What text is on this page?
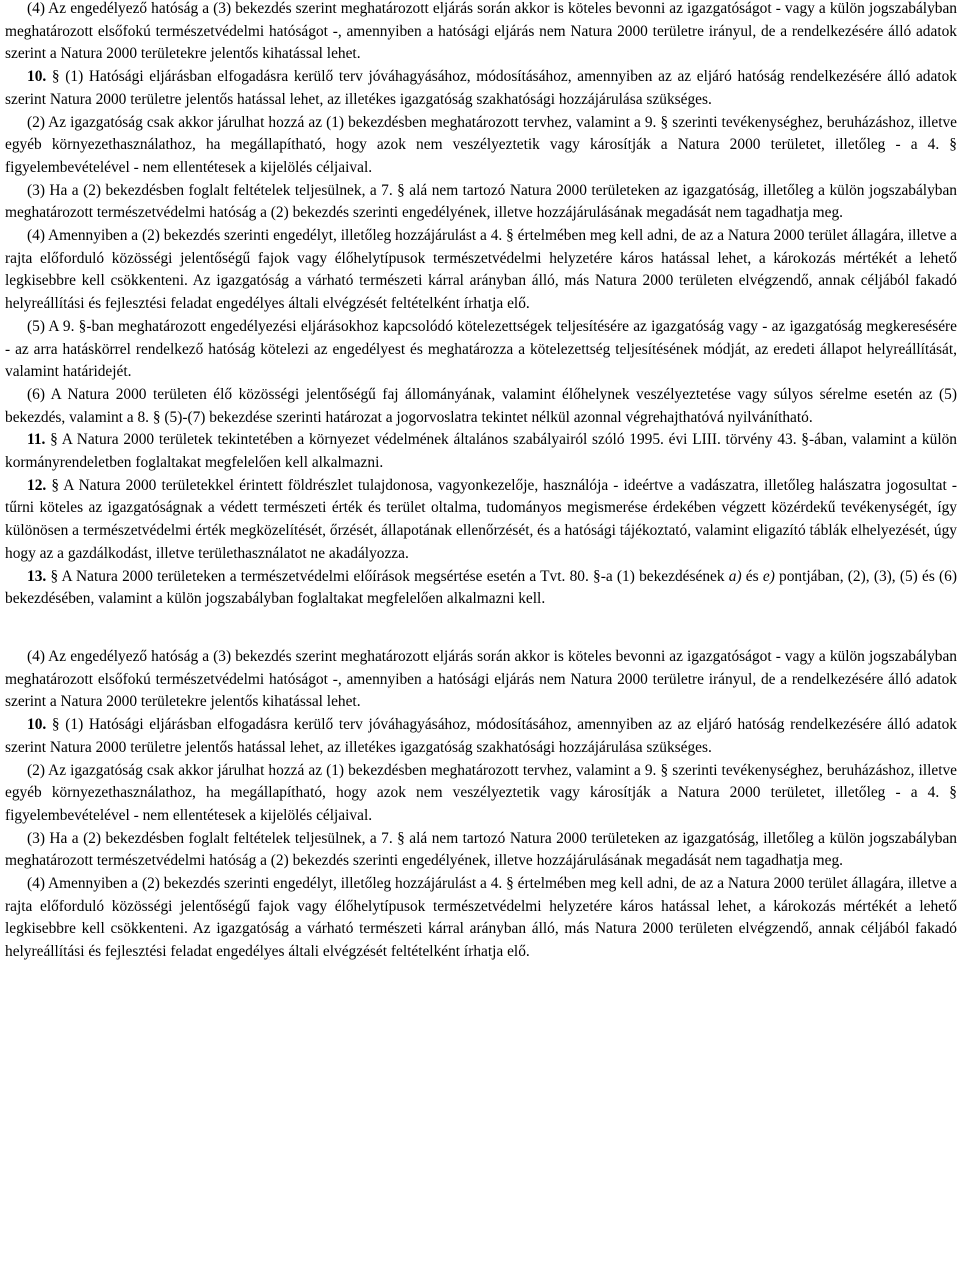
(4) Az engedélyező hatóság a (3) bekezdés szerint meghatározott eljárás során akkor is köteles bevonni az igazgatóságot - vagy a külön jogszabályban meghatározott elsőfokú természetvédelmi hatóságot -, amennyiben a hatósági eljárás nem Natura 2000 területre irányul, de a rendelkezésére álló adatok szerint a Natura 2000 területekre jelentős kihatással lehet.

10. § (1) Hatósági eljárásban elfogadásra kerülő terv jóváhagyásához, módosításához, amennyiben az az eljáró hatóság rendelkezésére álló adatok szerint Natura 2000 területre jelentős hatással lehet, az illetékes igazgatóság szakhatósági hozzájárulása szükséges.

(2) Az igazgatóság csak akkor járulhat hozzá az (1) bekezdésben meghatározott tervhez, valamint a 9. § szerinti tevékenységhez, beruházáshoz, illetve egyéb környezethasználathoz, ha megállapítható, hogy azok nem veszélyeztetik vagy károsítják a Natura 2000 területet, illetőleg - a 4. § figyelembevételével - nem ellentétesek a kijelölés céljaival.

(3) Ha a (2) bekezdésben foglalt feltételek teljesülnek, a 7. § alá nem tartozó Natura 2000 területeken az igazgatóság, illetőleg a külön jogszabályban meghatározott természetvédelmi hatóság a (2) bekezdés szerinti engedélyének, illetve hozzájárulásának megadását nem tagadhatja meg.

(4) Amennyiben a (2) bekezdés szerinti engedélyt, illetőleg hozzájárulást a 4. § értelmében meg kell adni, de az a Natura 2000 terület állagára, illetve a rajta előforduló közösségi jelentőségű fajok vagy élőhelytípusok természetvédelmi helyzetére káros hatással lehet, a károkozás mértékét a lehető legkisebbre kell csökkenteni. Az igazgatóság a várható természeti kárral arányban álló, más Natura 2000 területen elvégzendő, annak céljából fakadó helyreállítási és fejlesztési feladat engedélyes általi elvégzését feltételként írhatja elő.

(5) A 9. §-ban meghatározott engedélyezési eljárásokhoz kapcsolódó kötelezettségek teljesítésére az igazgatóság vagy - az igazgatóság megkeresésére - az arra hatáskörrel rendelkező hatóság kötelezi az engedélyest és meghatározza a kötelezettség teljesítésének módját, az eredeti állapot helyreállítását, valamint határidejét.

(6) A Natura 2000 területen élő közösségi jelentőségű faj állományának, valamint élőhelynek veszélyeztetése vagy súlyos sérelme esetén az (5) bekezdés, valamint a 8. § (5)-(7) bekezdése szerinti határozat a jogorvoslatra tekintet nélkül azonnal végrehajthatóvá nyilvánítható.

11. § A Natura 2000 területek tekintetében a környezet védelmének általános szabályairól szóló 1995. évi LIII. törvény 43. §-ában, valamint a külön kormányrendeletben foglaltakat megfelelően kell alkalmazni.

12. § A Natura 2000 területekkel érintett földrészlet tulajdonosa, vagyonkezelője, használója - ideértve a vadászatra, illetőleg halászatra jogosultat - tűrni köteles az igazgatóságnak a védett természeti érték és terület oltalma, tudományos megismerése érdekében végzett közérdekű tevékenységét, így különösen a természetvédelmi érték megközelítését, őrzését, állapotának ellenőrzését, és a hatósági tájékoztató, valamint eligazító táblák elhelyezését, úgy hogy az a gazdálkodást, illetve területhasználatot ne akadályozza.

13. § A Natura 2000 területeken a természetvédelmi előírások megsértése esetén a Tvt. 80. §-a (1) bekezdésének a) és e) pontjában, (2), (3), (5) és (6) bekezdésében, valamint a külön jogszabályban foglaltakat megfelelően alkalmazni kell.

(4) Az engedélyező hatóság a (3) bekezdés szerint meghatározott eljárás során akkor is köteles bevonni az igazgatóságot - vagy a külön jogszabályban meghatározott elsőfokú természetvédelmi hatóságot -, amennyiben a hatósági eljárás nem Natura 2000 területre irányul, de a rendelkezésére álló adatok szerint a Natura 2000 területekre jelentős kihatással lehet.

10. § (1) Hatósági eljárásban elfogadásra kerülő terv jóváhagyásához, módosításához, amennyiben az az eljáró hatóság rendelkezésére álló adatok szerint Natura 2000 területre jelentős hatással lehet, az illetékes igazgatóság szakhatósági hozzájárulása szükséges.

(2) Az igazgatóság csak akkor járulhat hozzá az (1) bekezdésben meghatározott tervhez, valamint a 9. § szerinti tevékenységhez, beruházáshoz, illetve egyéb környezethasználathoz, ha megállapítható, hogy azok nem veszélyeztetik vagy károsítják a Natura 2000 területet, illetőleg - a 4. § figyelembevételével - nem ellentétesek a kijelölés céljaival.

(3) Ha a (2) bekezdésben foglalt feltételek teljesülnek, a 7. § alá nem tartozó Natura 2000 területeken az igazgatóság, illetőleg a külön jogszabályban meghatározott természetvédelmi hatóság a (2) bekezdés szerinti engedélyének, illetve hozzájárulásának megadását nem tagadhatja meg.

(4) Amennyiben a (2) bekezdés szerinti engedélyt, illetőleg hozzájárulást a 4. § értelmében meg kell adni, de az a Natura 2000 terület állagára, illetve a rajta előforduló közösségi jelentőségű fajok vagy élőhelytípusok természetvédelmi helyzetére káros hatással lehet, a károkozás mértékét a lehető legkisebbre kell csökkenteni. Az igazgatóság a várható természeti kárral arányban álló, más Natura 2000 területen elvégzendő, annak céljából fakadó helyreállítási és fejlesztési feladat engedélyes általi elvégzését feltételként írhatja elő.
